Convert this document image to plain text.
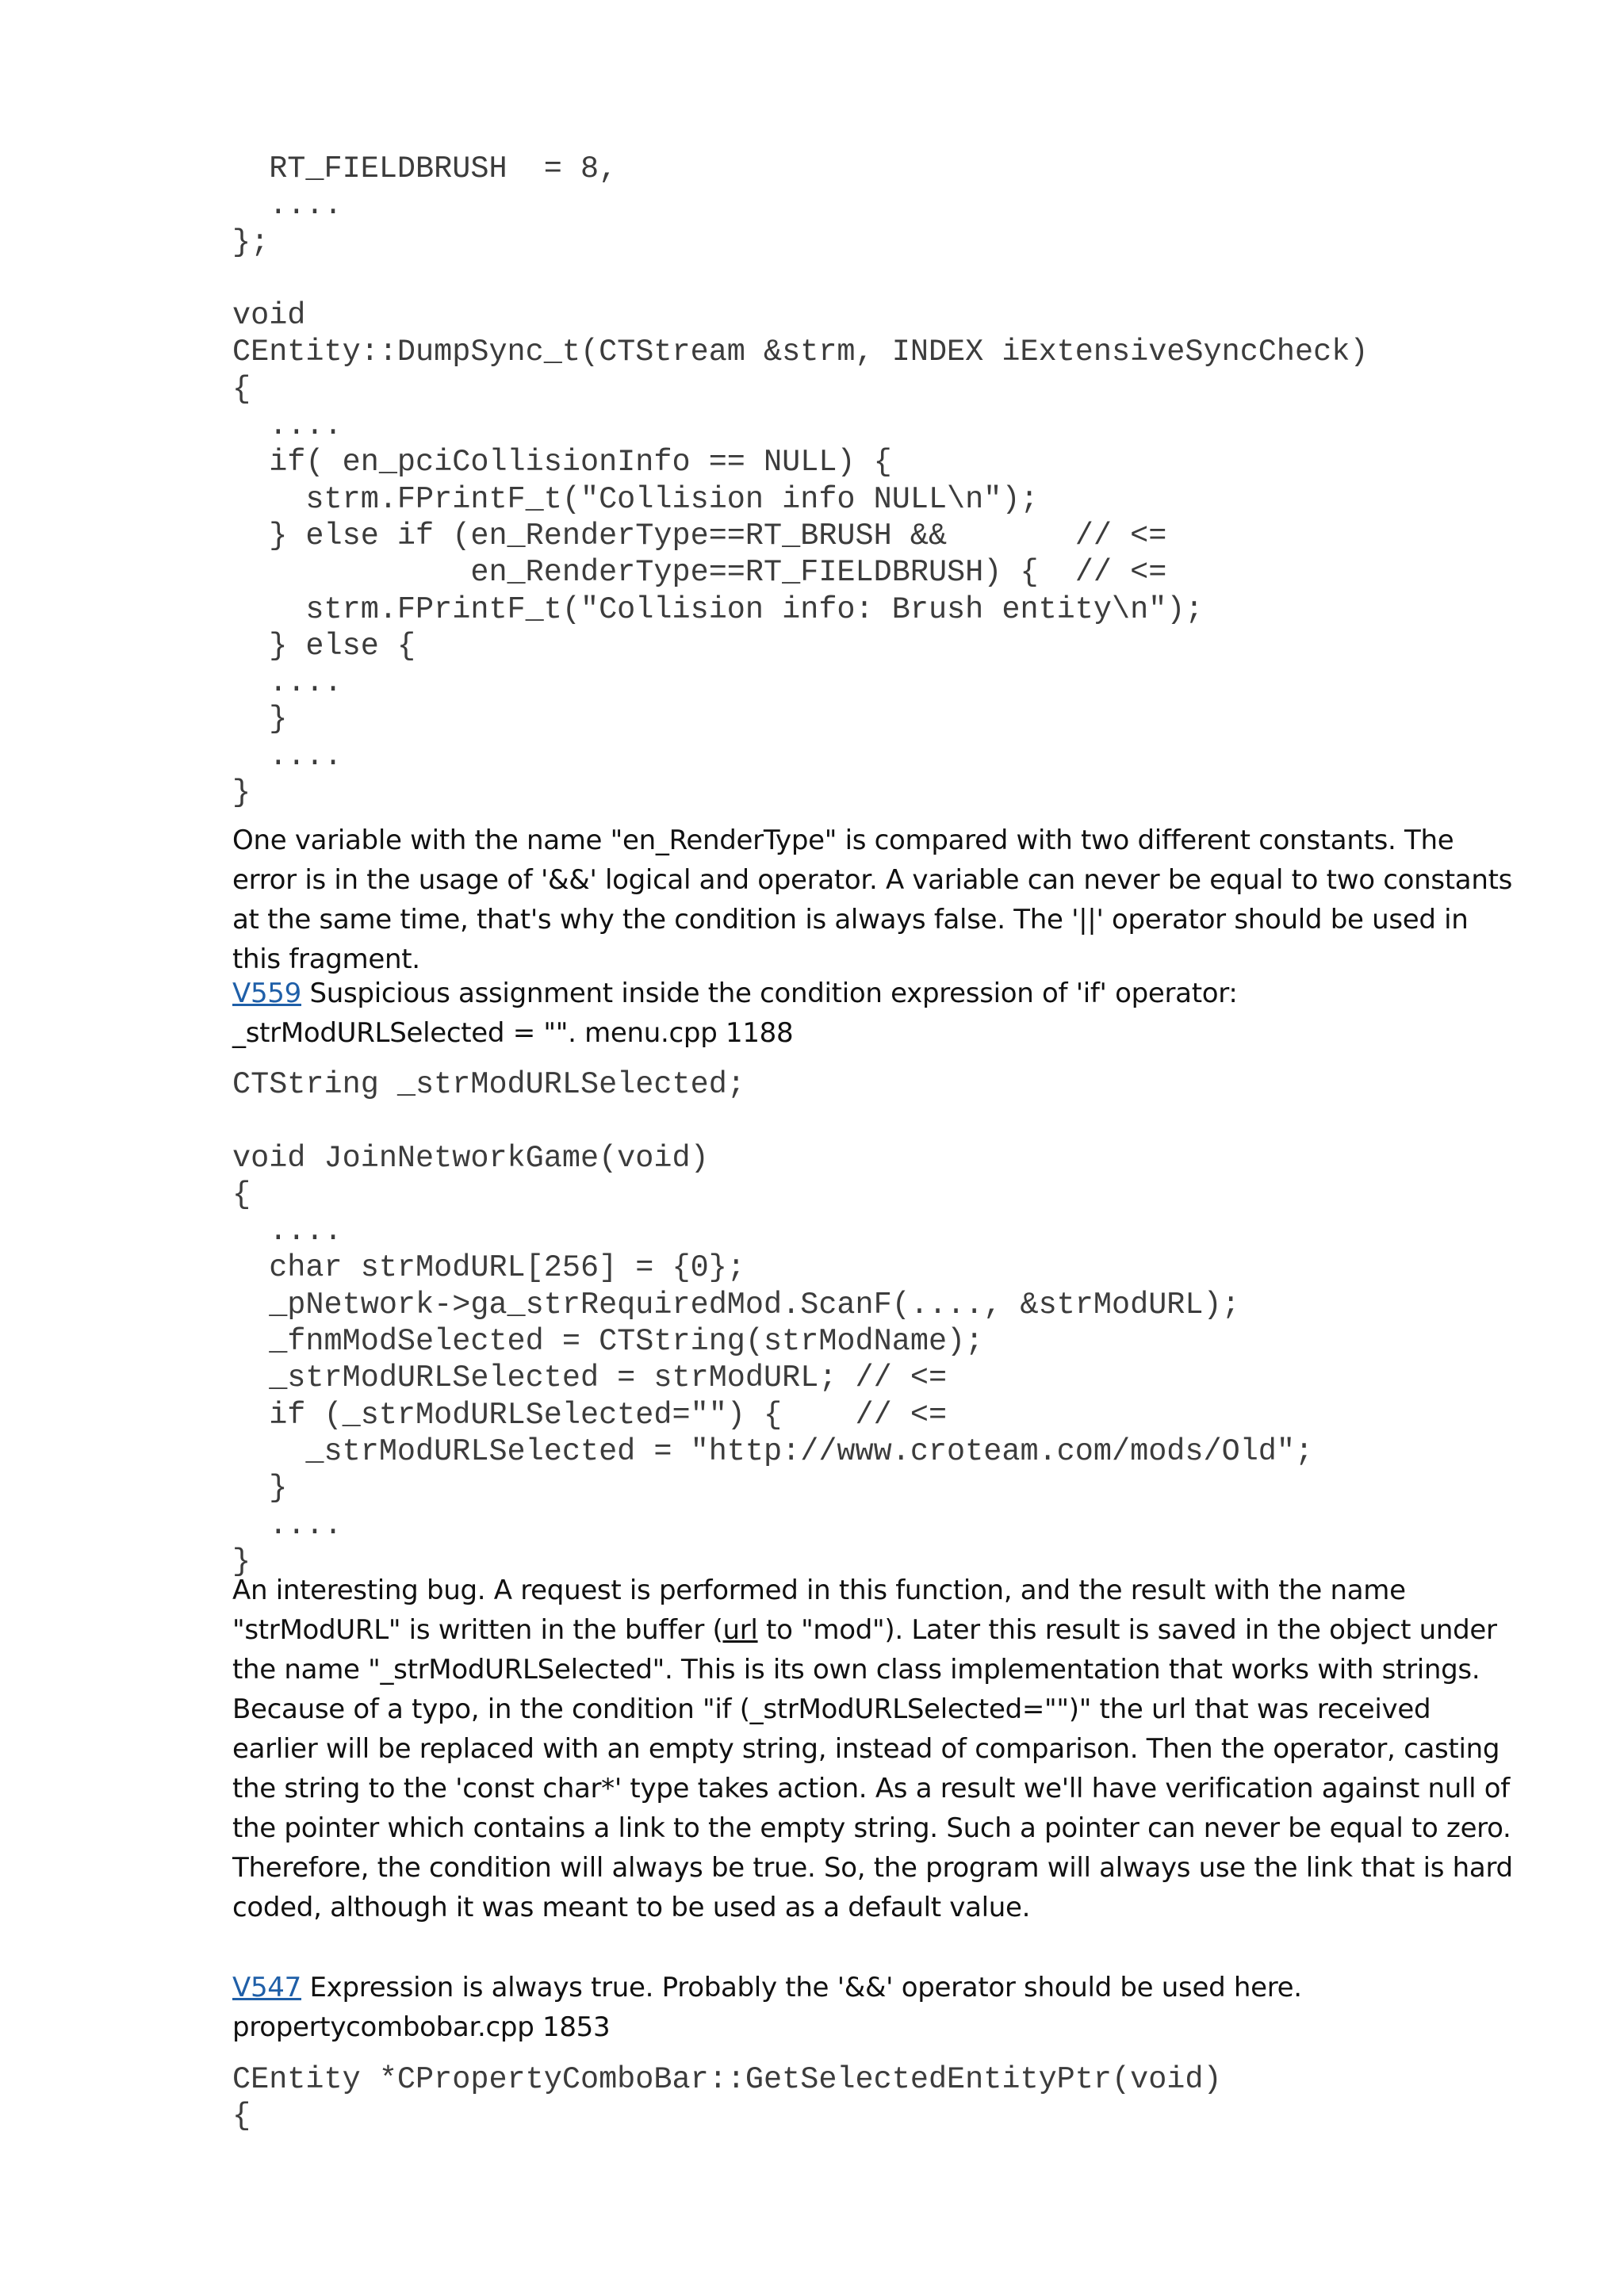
RT_FIELDBRUSH  = 8,
....
};

void
CEntity::DumpSync_t(CTStream &strm, INDEX iExtensiveSyncCheck)
{
....
if( en_pciCollisionInfo == NULL) {
strm.FPrintF_t("Collision info NULL\n");
} else if (en_RenderType==RT_BRUSH &&       // <=
en_RenderType==RT_FIELDBRUSH) {  // <=
strm.FPrintF_t("Collision info: Brush entity\n");
} else {
....
}
....
}

One variable with the name "en_RenderType" is compared with two different constants. The error is in the usage of '&&' logical and operator. A variable can never be equal to two constants at the same time, that's why the condition is always false. The '||' operator should be used in this fragment.

V559 Suspicious assignment inside the condition expression of 'if' operator: _strModURLSelected = "". menu.cpp 1188

CTString _strModURLSelected;

void JoinNetworkGame(void)
{
....
char strModURL[256] = {0};
_pNetwork->ga_strRequiredMod.ScanF(...., &strModURL);
_fnmModSelected = CTString(strModName);
_strModURLSelected = strModURL; // <=
if (_strModURLSelected="") {    // <=
_strModURLSelected = "http://www.croteam.com/mods/Old";
}
....
}

An interesting bug. A request is performed in this function, and the result with the name "strModURL" is written in the buffer (url to "mod"). Later this result is saved in the object under the name "_strModURLSelected". This is its own class implementation that works with strings. Because of a typo, in the condition "if (_strModURLSelected="")" the url that was received earlier will be replaced with an empty string, instead of comparison. Then the operator, casting the string to the 'const char*' type takes action. As a result we'll have verification against null of the pointer which contains a link to the empty string. Such a pointer can never be equal to zero. Therefore, the condition will always be true. So, the program will always use the link that is hard coded, although it was meant to be used as a default value.

V547 Expression is always true. Probably the '&&' operator should be used here. propertycombobar.cpp 1853

CEntity *CPropertyComboBar::GetSelectedEntityPtr(void)
{
